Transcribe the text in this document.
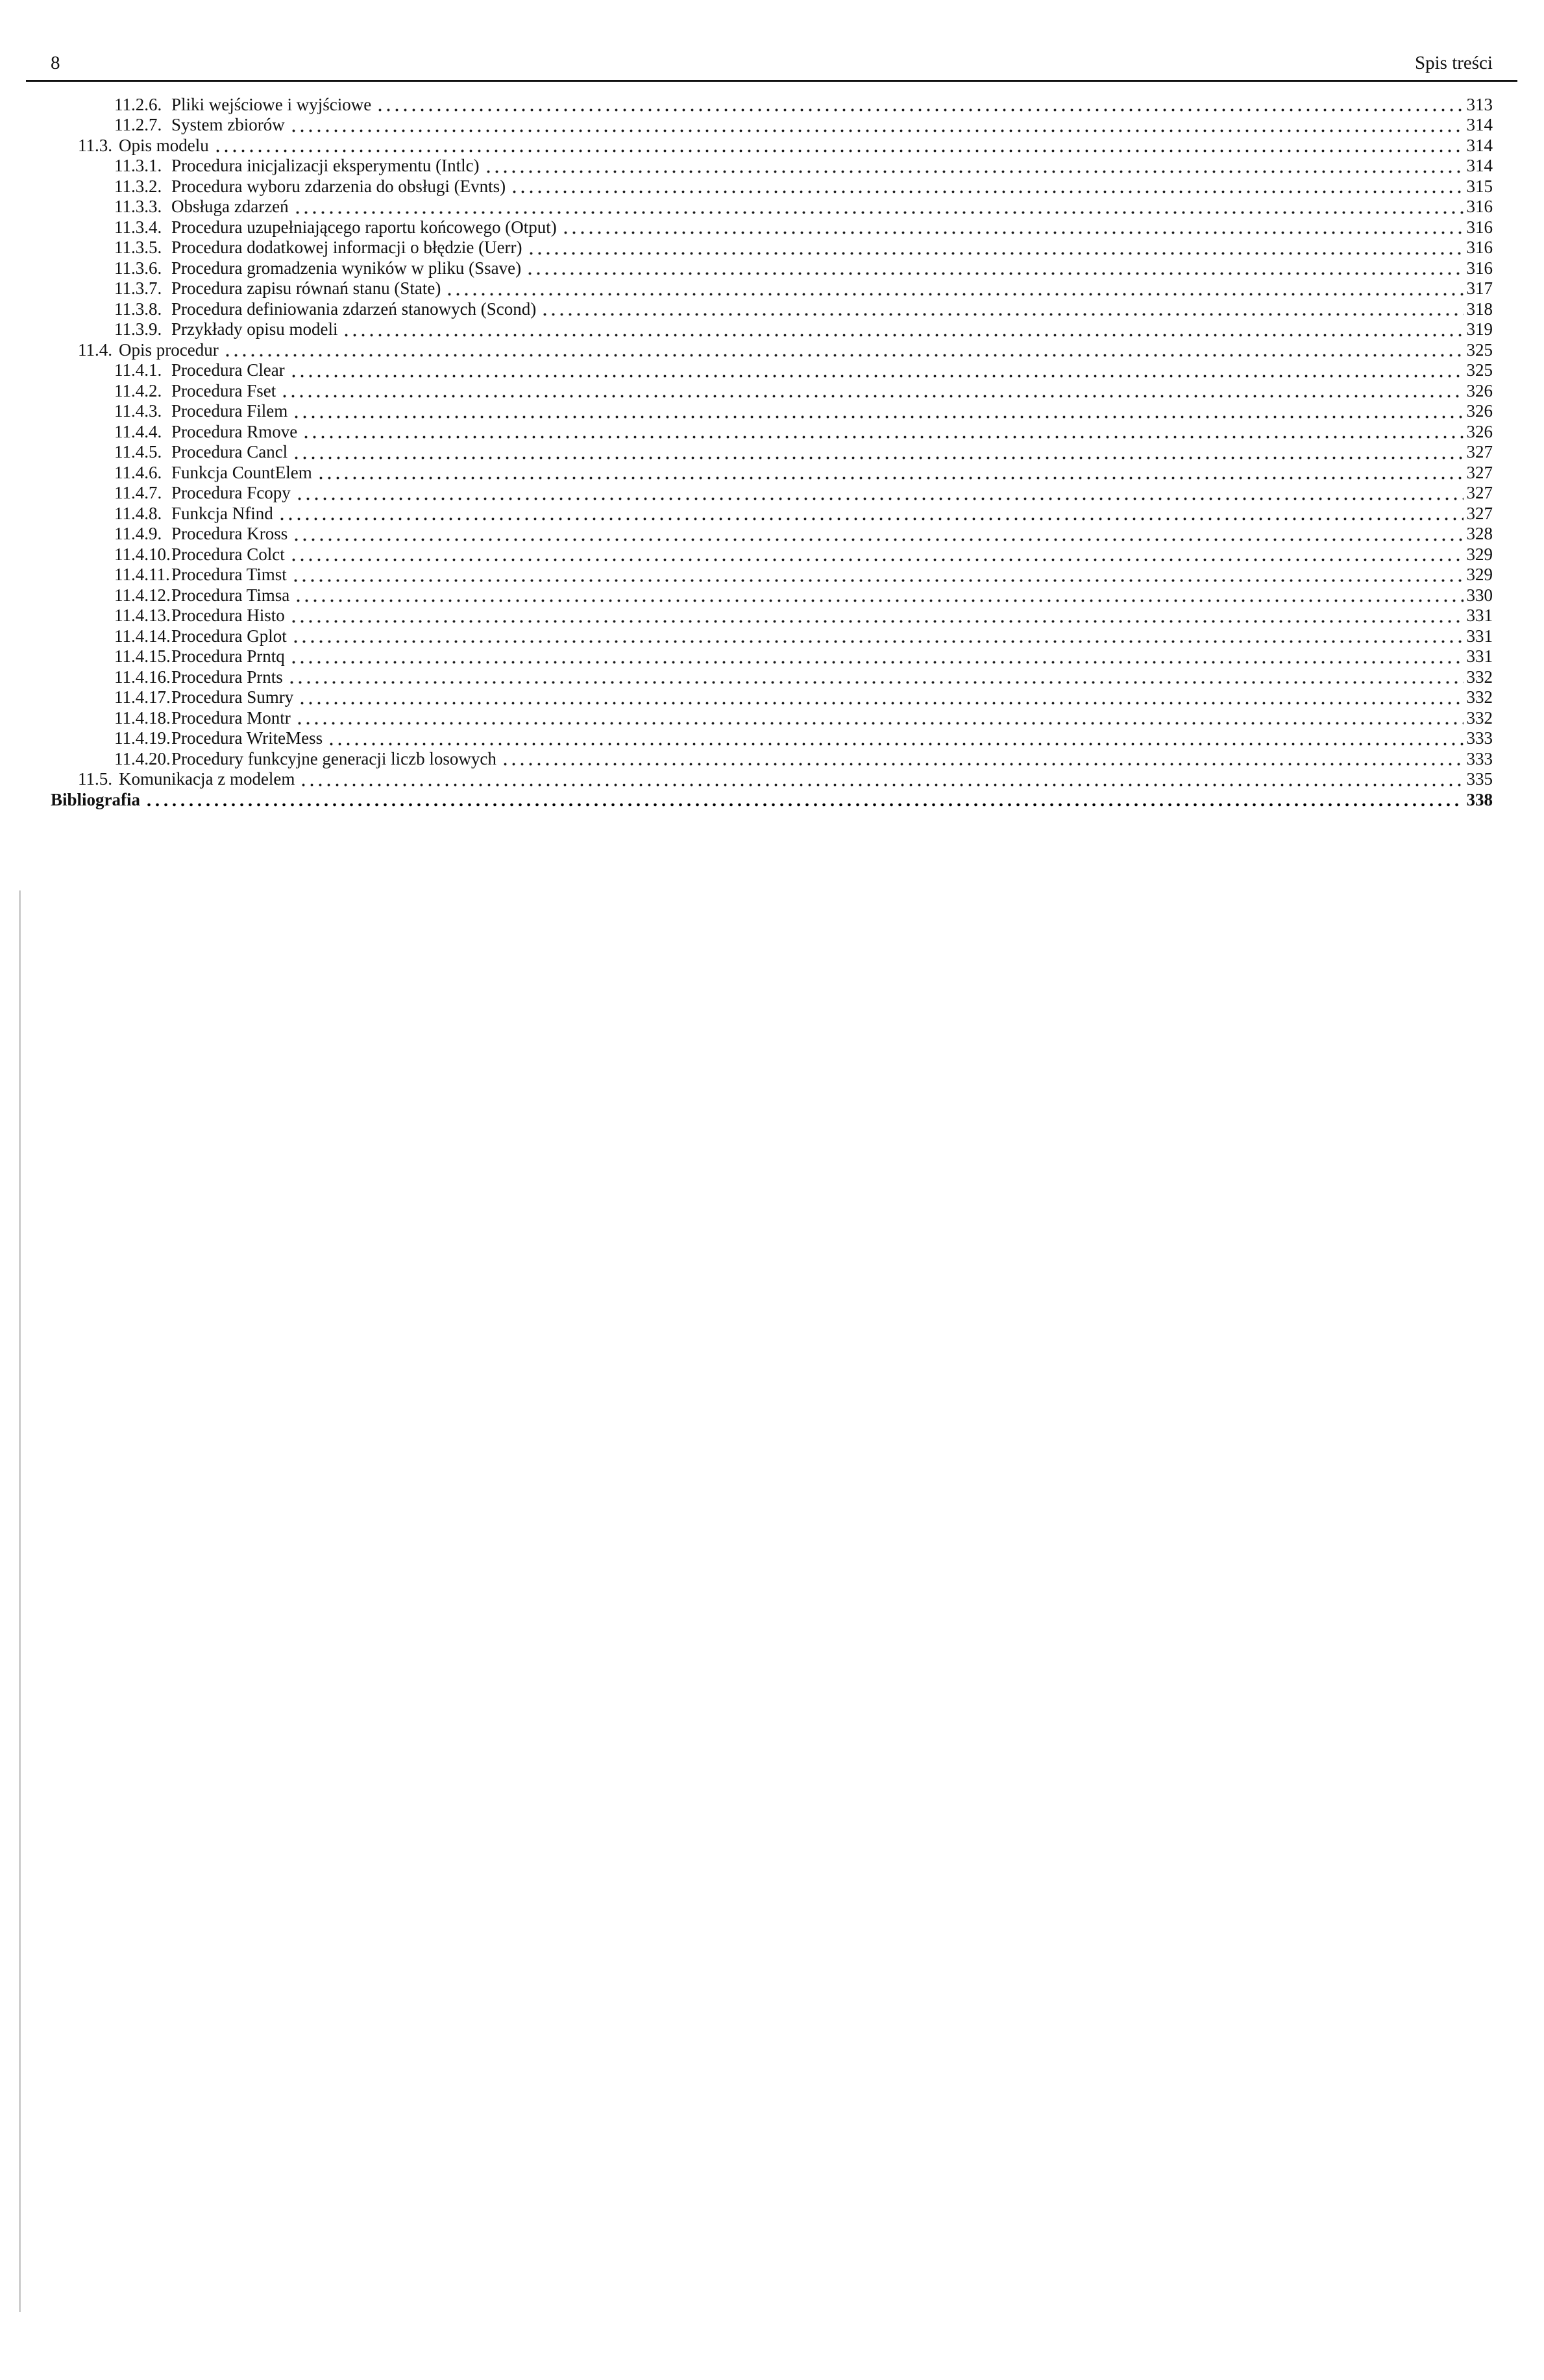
8	Spis treści
11.2.6. Pliki wejściowe i wyjściowe	313
11.2.7. System zbiorów	314
11.3. Opis modelu	314
11.3.1. Procedura inicjalizacji eksperymentu (Intlc)	314
11.3.2. Procedura wyboru zdarzenia do obsługi (Evnts)	315
11.3.3. Obsługa zdarzeń	316
11.3.4. Procedura uzupełniającego raportu końcowego (Otput)	316
11.3.5. Procedura dodatkowej informacji o błędzie (Uerr)	316
11.3.6. Procedura gromadzenia wyników w pliku (Ssave)	316
11.3.7. Procedura zapisu równań stanu (State)	317
11.3.8. Procedura definiowania zdarzeń stanowych (Scond)	318
11.3.9. Przykłady opisu modeli	319
11.4. Opis procedur	325
11.4.1. Procedura Clear	325
11.4.2. Procedura Fset	326
11.4.3. Procedura Filem	326
11.4.4. Procedura Rmove	326
11.4.5. Procedura Cancl	327
11.4.6. Funkcja CountElem	327
11.4.7. Procedura Fcopy	327
11.4.8. Funkcja Nfind	327
11.4.9. Procedura Kross	328
11.4.10. Procedura Colct	329
11.4.11. Procedura Timst	329
11.4.12. Procedura Timsa	330
11.4.13. Procedura Histo	331
11.4.14. Procedura Gplot	331
11.4.15. Procedura Prntq	331
11.4.16. Procedura Prnts	332
11.4.17. Procedura Sumry	332
11.4.18. Procedura Montr	332
11.4.19. Procedura WriteMess	333
11.4.20. Procedury funkcyjne generacji liczb losowych	333
11.5. Komunikacja z modelem	335
Bibliografia	338
